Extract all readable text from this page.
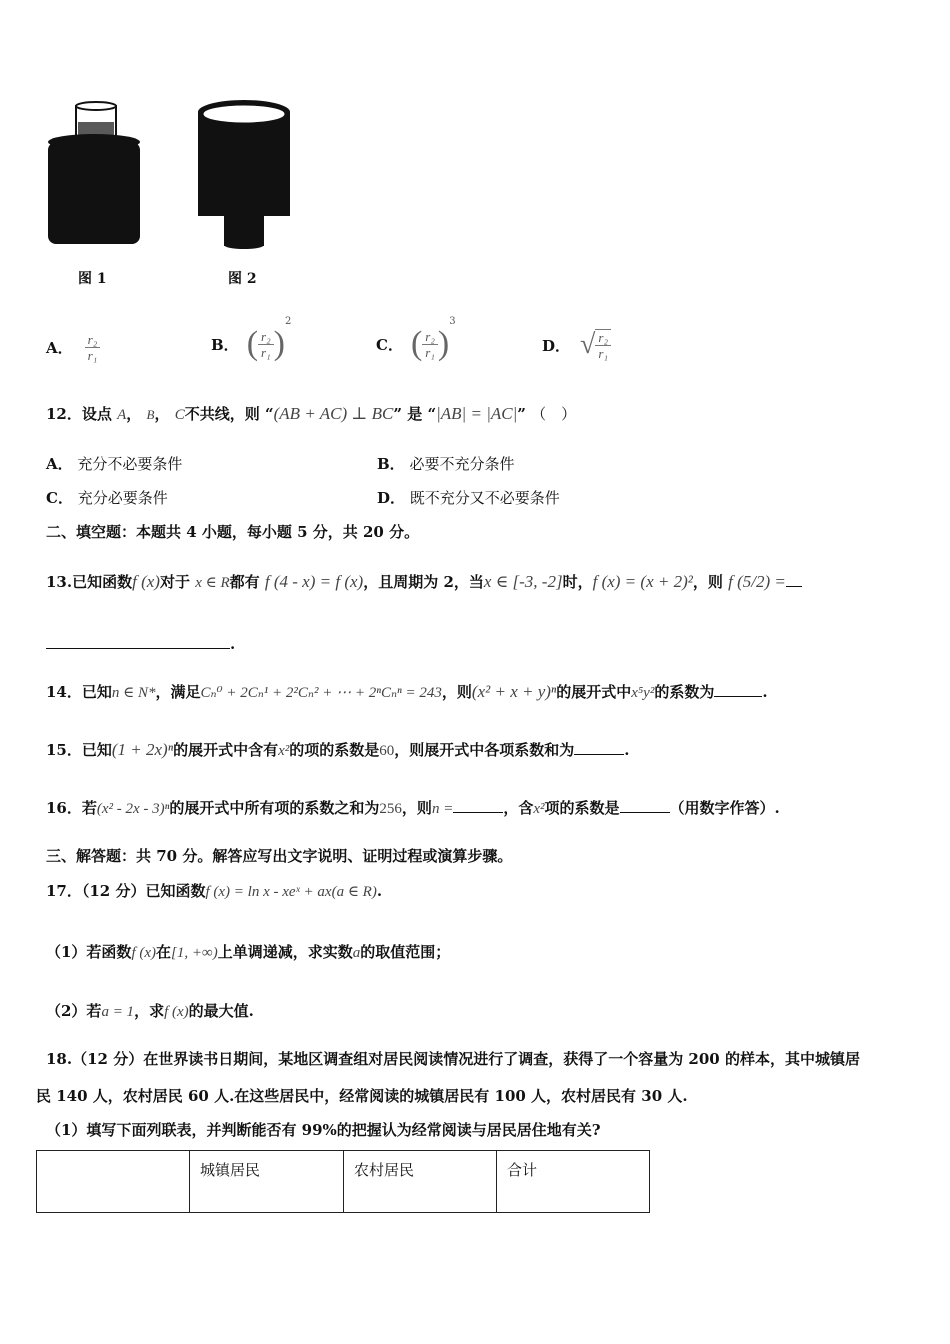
图 1	图 2
A． $\frac{\text{r₂}}{\text{r₁}}$	B． ( $\frac{\text{r₂}}{\text{r₁}}$ )
2
C． ( $\frac{\text{r₂}}{\text{r₁}}$ )
3
D． √ $\frac{\text{r₂}}{\text{r₁}}$
12．设点 A， B， C不共线，则 “(AB + AC) ⊥ BC” 是 “|AB| = |AC|” （　）
A． 充分不必要条件	B． 必要不充分条件
C． 充分必要条件	D． 既不充分又不必要条件
二、填空题：本题共 4 小题，每小题 5 分，共 20 分。
13.已知函数f (x)对于 x ∈ R都有 f (4 - x) = f (x)，且周期为 2，当x ∈ [-3, -2]时，f (x) = (x + 2)²，则 f (5/2) =
.
14．已知n ∈ N*，满足Cₙ⁰ + 2Cₙ¹ + 2²Cₙ² + ⋯ + 2ⁿCₙⁿ = 243，则(x² + x + y)ⁿ的展开式中x⁵y²的系数为	.
15．已知(1 + 2x)ⁿ的展开式中含有x²的项的系数是60，则展开式中各项系数和为	.
16．若(x² - 2x - 3)ⁿ的展开式中所有项的系数之和为256，则n =	，含x²项的系数是	（用数字作答）.
三、解答题：共 70 分。解答应写出文字说明、证明过程或演算步骤。
17．（12 分）已知函数f (x) = ln x - xeˣ + ax(a ∈ R).
（1）若函数f (x)在[1, +∞)上单调递减，求实数a的取值范围；
（2）若a = 1，求f (x)的最大值.
18.（12 分）在世界读书日期间，某地区调查组对居民阅读情况进行了调查，获得了一个容量为 200 的样本，其中城镇居
民 140 人，农村居民 60 人.在这些居民中，经常阅读的城镇居民有 100 人，农村居民有 30 人.
（1）填写下面列联表，并判断能否有 99%的把握认为经常阅读与居民居住地有关?
	城镇居民	农村居民	合计
